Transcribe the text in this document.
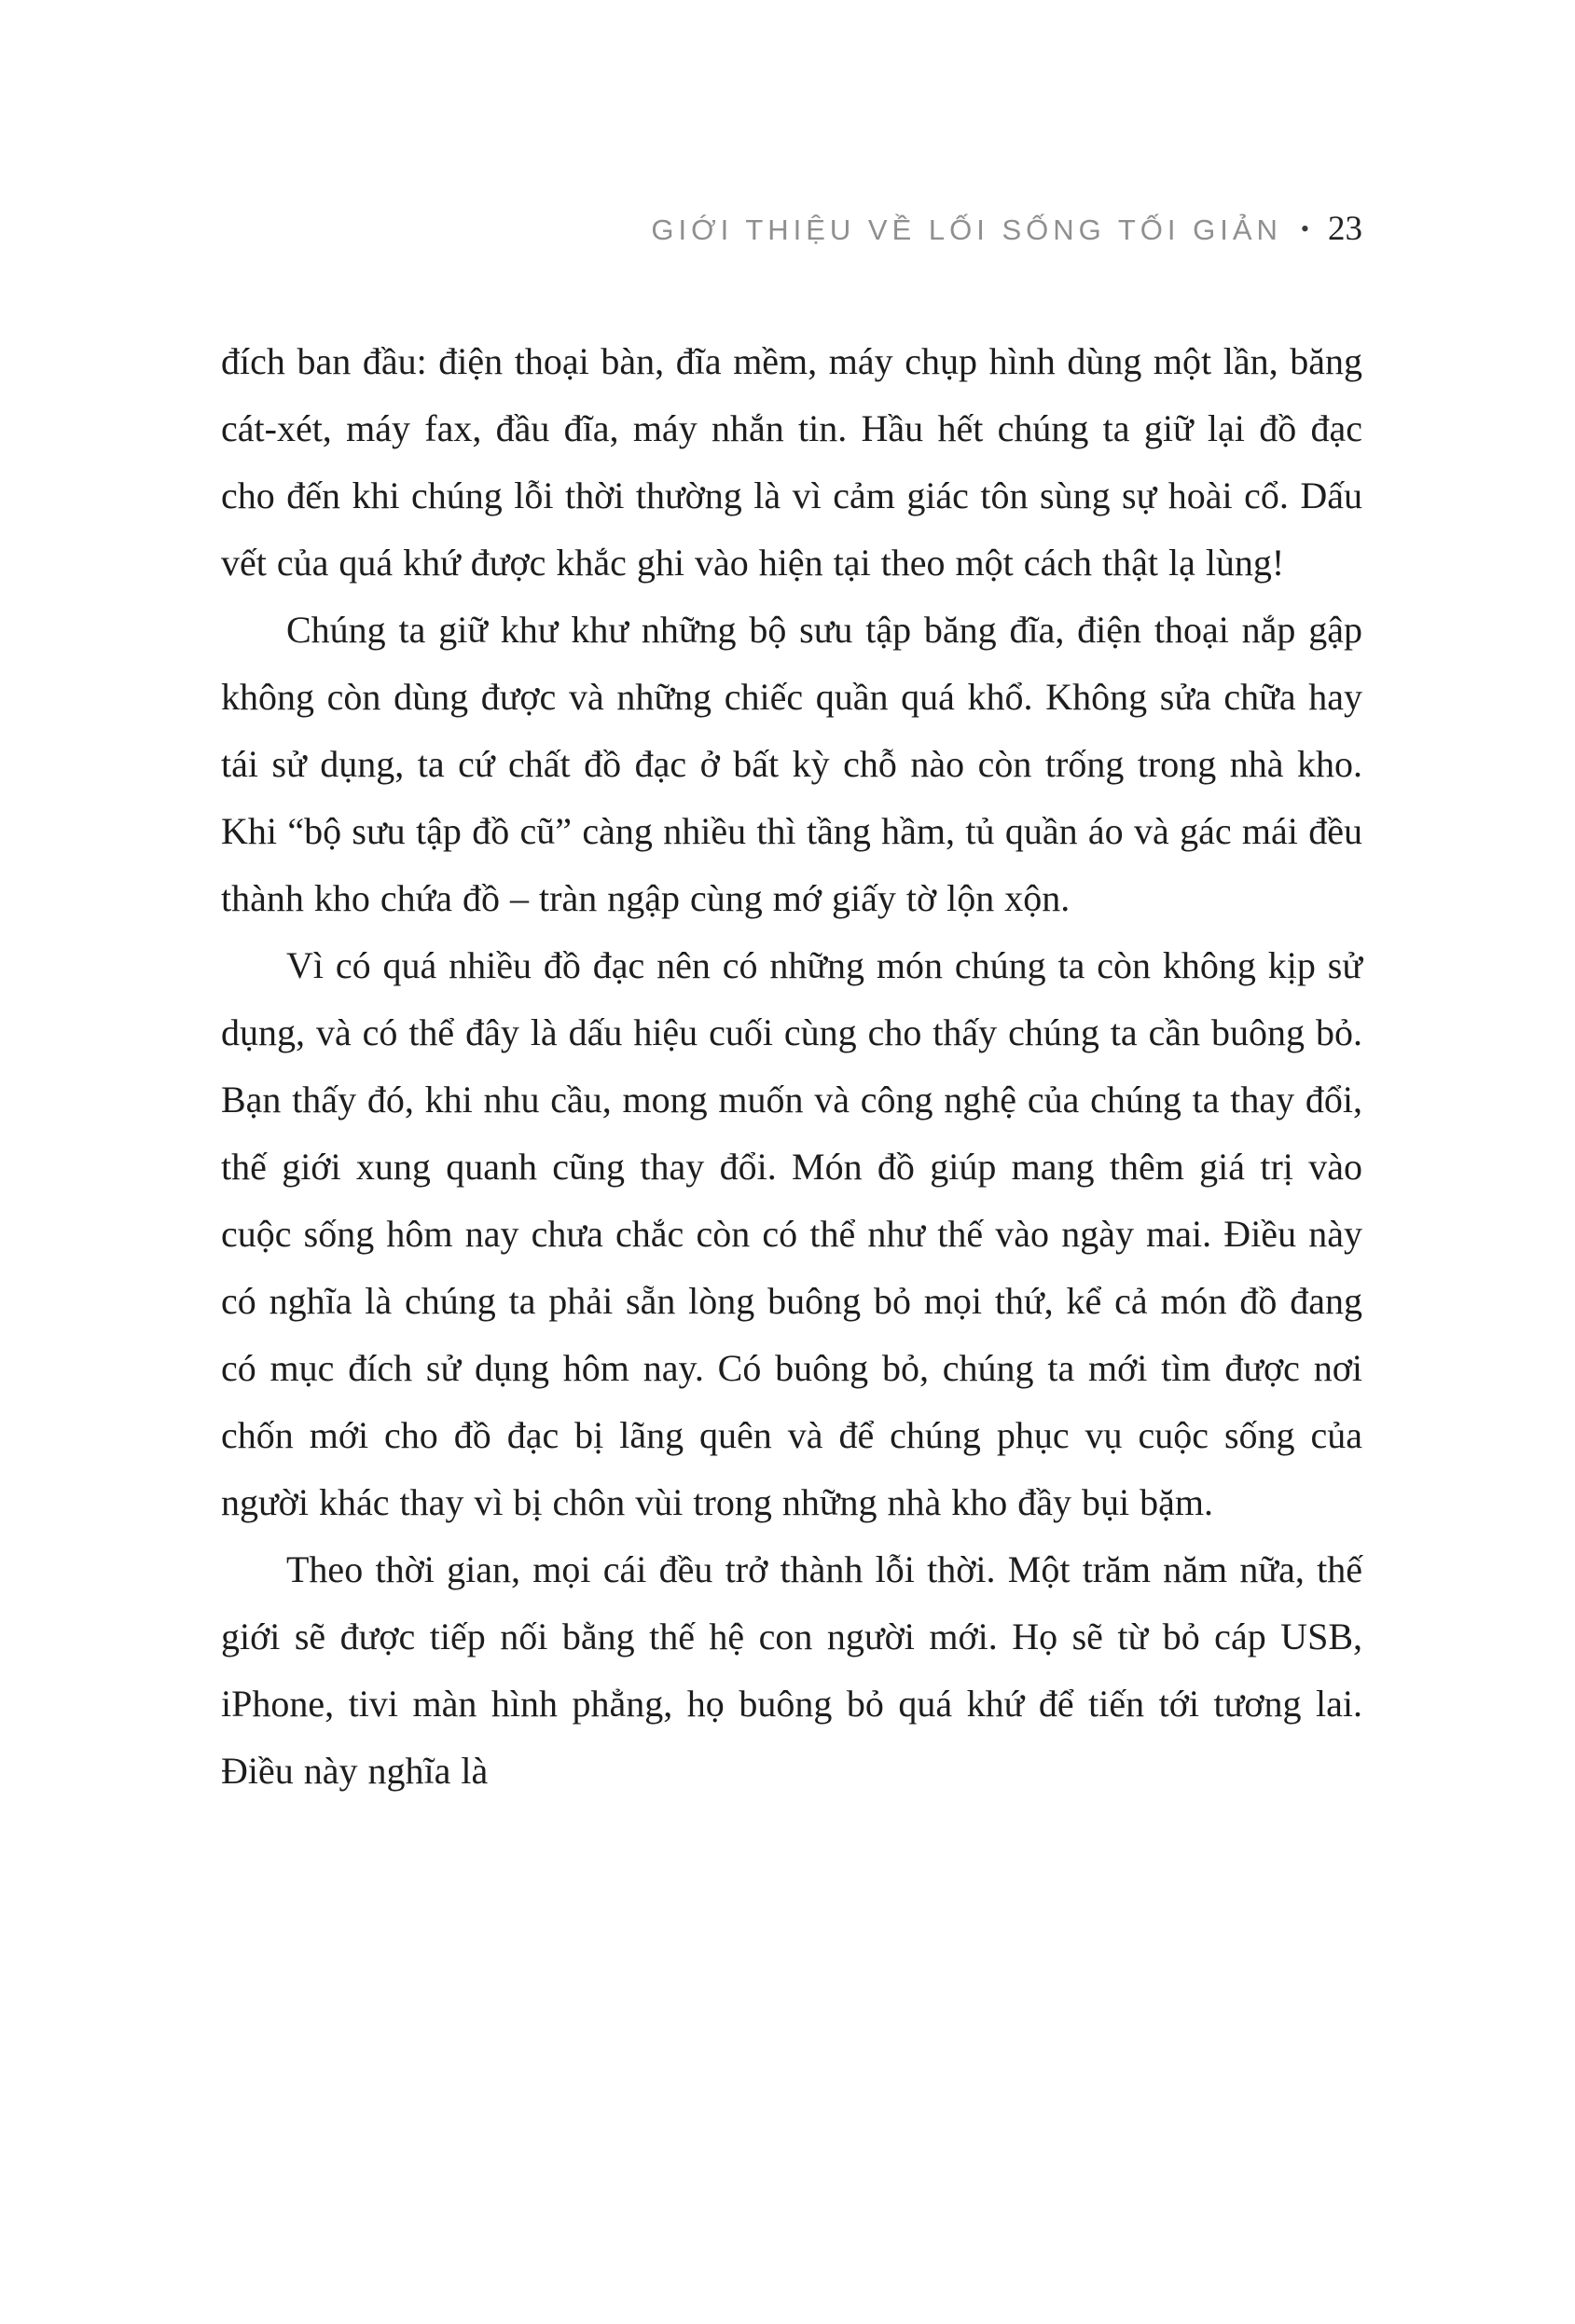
GIỚI THIỆU VỀ LỐI SỐNG TỐI GIẢN • 23

đích ban đầu: điện thoại bàn, đĩa mềm, máy chụp hình dùng một lần, băng cát-xét, máy fax, đầu đĩa, máy nhắn tin. Hầu hết chúng ta giữ lại đồ đạc cho đến khi chúng lỗi thời thường là vì cảm giác tôn sùng sự hoài cổ. Dấu vết của quá khứ được khắc ghi vào hiện tại theo một cách thật lạ lùng!

Chúng ta giữ khư khư những bộ sưu tập băng đĩa, điện thoại nắp gập không còn dùng được và những chiếc quần quá khổ. Không sửa chữa hay tái sử dụng, ta cứ chất đồ đạc ở bất kỳ chỗ nào còn trống trong nhà kho. Khi “bộ sưu tập đồ cũ” càng nhiều thì tầng hầm, tủ quần áo và gác mái đều thành kho chứa đồ – tràn ngập cùng mớ giấy tờ lộn xộn.

Vì có quá nhiều đồ đạc nên có những món chúng ta còn không kịp sử dụng, và có thể đây là dấu hiệu cuối cùng cho thấy chúng ta cần buông bỏ. Bạn thấy đó, khi nhu cầu, mong muốn và công nghệ của chúng ta thay đổi, thế giới xung quanh cũng thay đổi. Món đồ giúp mang thêm giá trị vào cuộc sống hôm nay chưa chắc còn có thể như thế vào ngày mai. Điều này có nghĩa là chúng ta phải sẵn lòng buông bỏ mọi thứ, kể cả món đồ đang có mục đích sử dụng hôm nay. Có buông bỏ, chúng ta mới tìm được nơi chốn mới cho đồ đạc bị lãng quên và để chúng phục vụ cuộc sống của người khác thay vì bị chôn vùi trong những nhà kho đầy bụi bặm.

Theo thời gian, mọi cái đều trở thành lỗi thời. Một trăm năm nữa, thế giới sẽ được tiếp nối bằng thế hệ con người mới. Họ sẽ từ bỏ cáp USB, iPhone, tivi màn hình phẳng, họ buông bỏ quá khứ để tiến tới tương lai. Điều này nghĩa là
